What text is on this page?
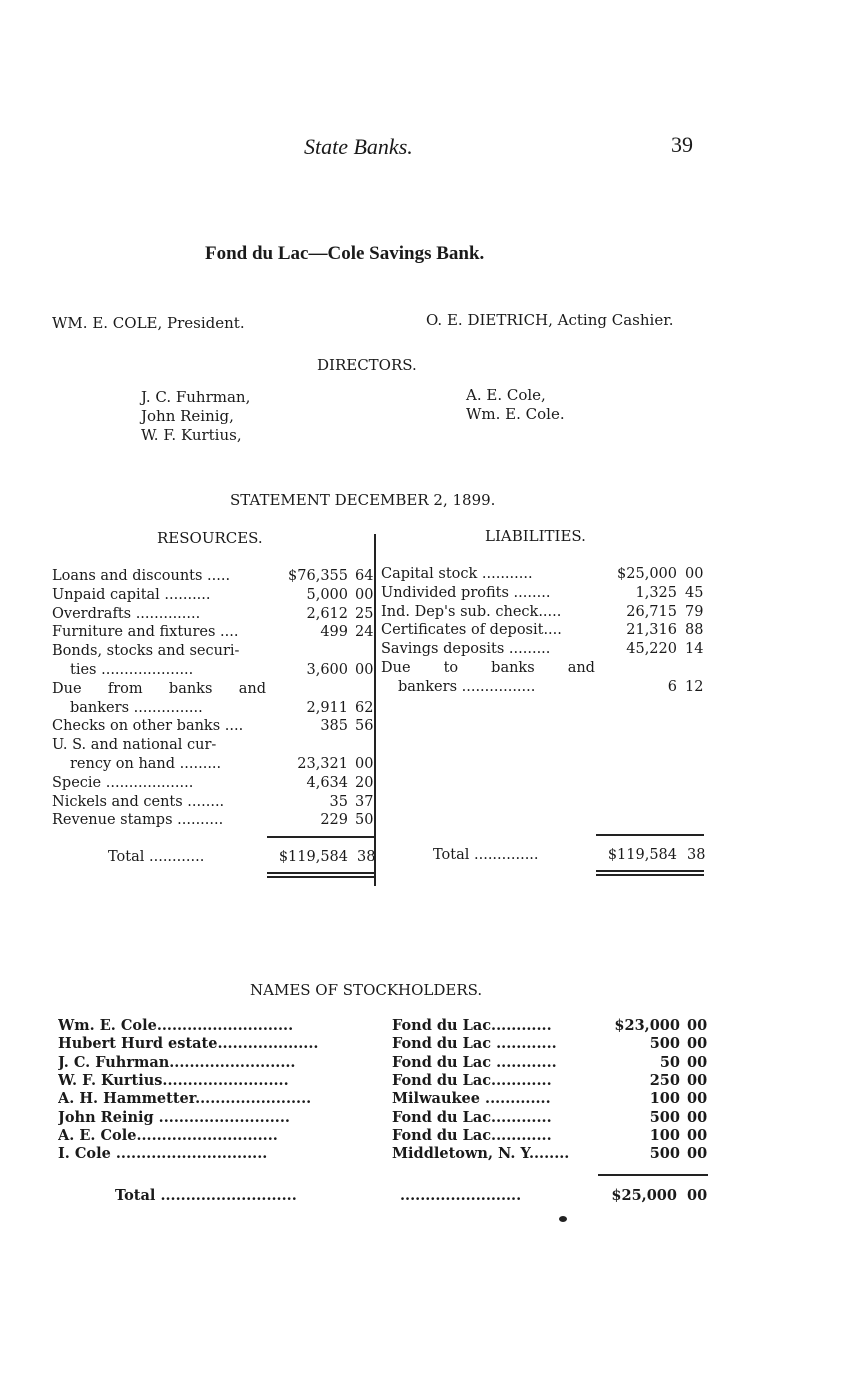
State Banks.	39
Fond du Lac—Cole Savings Bank.
WM. E. COLE, President.	O. E. DIETRICH, Acting Cashier.
DIRECTORS.
J. C. Fuhrman,
John Reinig,
W. F. Kurtius,
A. E. Cole,
Wm. E. Cole.
STATEMENT DECEMBER 2, 1899.
RESOURCES.	LIABILITIES.
Loans and discounts .....	$76,355 64
Unpaid capital ..........	5,000 00
Overdrafts ..............	2,612 25
Furniture and fixtures ....	499 24
Bonds, stocks and securi-
ties ....................	3,600 00
Due from banks and
bankers ...............	2,911 62
Checks on other banks ....	385 56
U. S. and national cur-
rency on hand .........	23,321 00
Specie ...................	4,634 20
Nickels and cents ........	35 37
Revenue stamps ..........	229 50
Total ............	$119,584 38
Capital stock ...........	$25,000 00
Undivided profits ........	1,325 45
Ind. Dep's sub. check.....	26,715 79
Certificates of deposit....	21,316 88
Savings deposits .........	45,220 14
Due to banks and
bankers ................	6 12
Total ..............	$119,584 38
NAMES OF STOCKHOLDERS.
Wm. E. Cole...........................	Fond du Lac............	$23,000 00
Hubert Hurd estate....................	Fond du Lac ............	500 00
J. C. Fuhrman.........................	Fond du Lac ............	50 00
W. F. Kurtius.........................	Fond du Lac............	250 00
A. H. Hammetter.......................	Milwaukee .............	100 00
John Reinig ..........................	Fond du Lac............	500 00
A. E. Cole............................	Fond du Lac............	100 00
I. Cole ..............................	Middletown, N. Y........	500 00
Total ...........................	........................	$25,000 00
